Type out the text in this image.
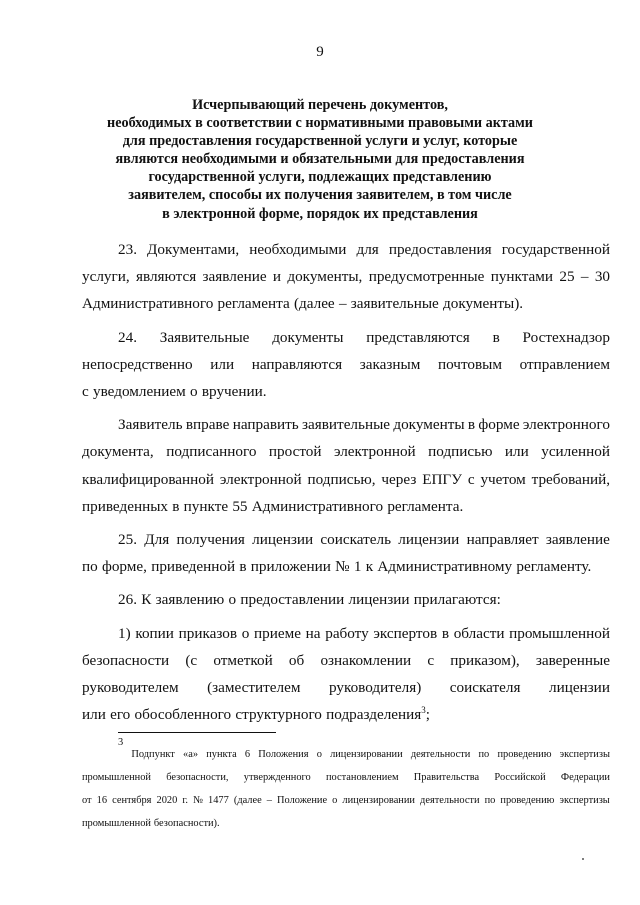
9
Исчерпывающий перечень документов,
необходимых в соответствии с нормативными правовыми актами
для предоставления государственной услуги и услуг, которые
являются необходимыми и обязательными для предоставления
государственной услуги, подлежащих представлению
заявителем, способы их получения заявителем, в том числе
в электронной форме, порядок их представления
23. Документами, необходимыми для предоставления государственной
услуги, являются заявление и документы, предусмотренные пунктами 25 – 30
Административного регламента (далее – заявительные документы).
24. Заявительные документы представляются в Ростехнадзор
непосредственно или направляются заказным почтовым отправлением
с уведомлением о вручении.
Заявитель вправе направить заявительные документы в форме электронного
документа, подписанного простой электронной подписью или усиленной
квалифицированной электронной подписью, через ЕПГУ с учетом требований,
приведенных в пункте 55 Административного регламента.
25. Для получения лицензии соискатель лицензии направляет заявление
по форме, приведенной в приложении № 1 к Административному регламенту.
26. К заявлению о предоставлении лицензии прилагаются:
1) копии приказов о приеме на работу экспертов в области промышленной
безопасности (с отметкой об ознакомлении с приказом), заверенные
руководителем (заместителем руководителя) соискателя лицензии
или его обособленного структурного подразделения$^3$;
3
Подпункт «а» пункта 6 Положения о лицензировании деятельности по проведению экспертизы
промышленной безопасности, утвержденного постановлением Правительства Российской Федерации
от 16 сентября 2020 г. № 1477 (далее – Положение о лицензировании деятельности по проведению экспертизы
промышленной безопасности).
